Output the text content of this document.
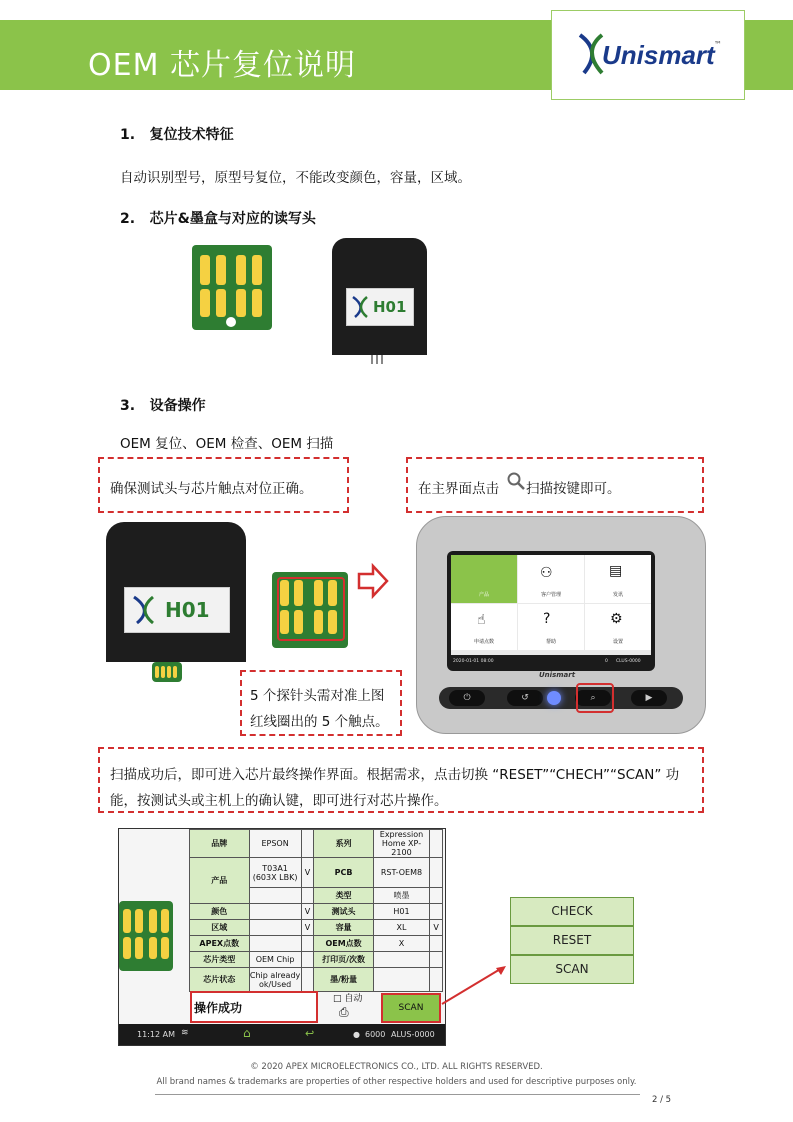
OEM 芯片复位说明	Unismart ™
1.   复位技术特征
自动识别型号，原型号复位，不能改变颜色，容量，区域。
2.   芯片&墨盒与对应的读写头
H01
3.   设备操作
OEM 复位、OEM 检查、OEM 扫描
确保测试头与芯片触点对位正确。	在主界面点击 扫描按键即可。
H01
产品
⚇
客户管理
▤
发讯
☝
申请点数
?
帮助
⚙
设置
2020-01-01 08:00	0 CLUS-0000
Unismart
⏻	↺	⌕	▶
5 个探针头需对准上图
红线圈出的 5 个触点。
扫描成功后，即可进入芯片最终操作界面。根据需求，点击切换 “RESET”“CHECH”“SCAN” 功
能，按测试头或主机上的确认键，即可进行对芯片操作。
品牌	EPSON		系列	Expression Home XP-2100	
产品	T03A1 (603X LBK)	V	PCB	RST-OEM8	
			类型	喷墨	
颜色		V	测试头	H01	
区域		V	容量	XL	V
APEX点数			OEM点数	X	
芯片类型	OEM Chip		打印页/次数		
芯片状态	Chip already ok/Used		墨/粉量		
操作成功
□ 自动
⎙	SCAN
11:12 AM ≋	⌂	↩	● 6000 ALUS-0000
CHECK
RESET
SCAN
© 2020 APEX MICROELECTRONICS CO., LTD. ALL RIGHTS RESERVED.
All brand names & trademarks are properties of other respective holders and used for descriptive purposes only.
2 / 5
